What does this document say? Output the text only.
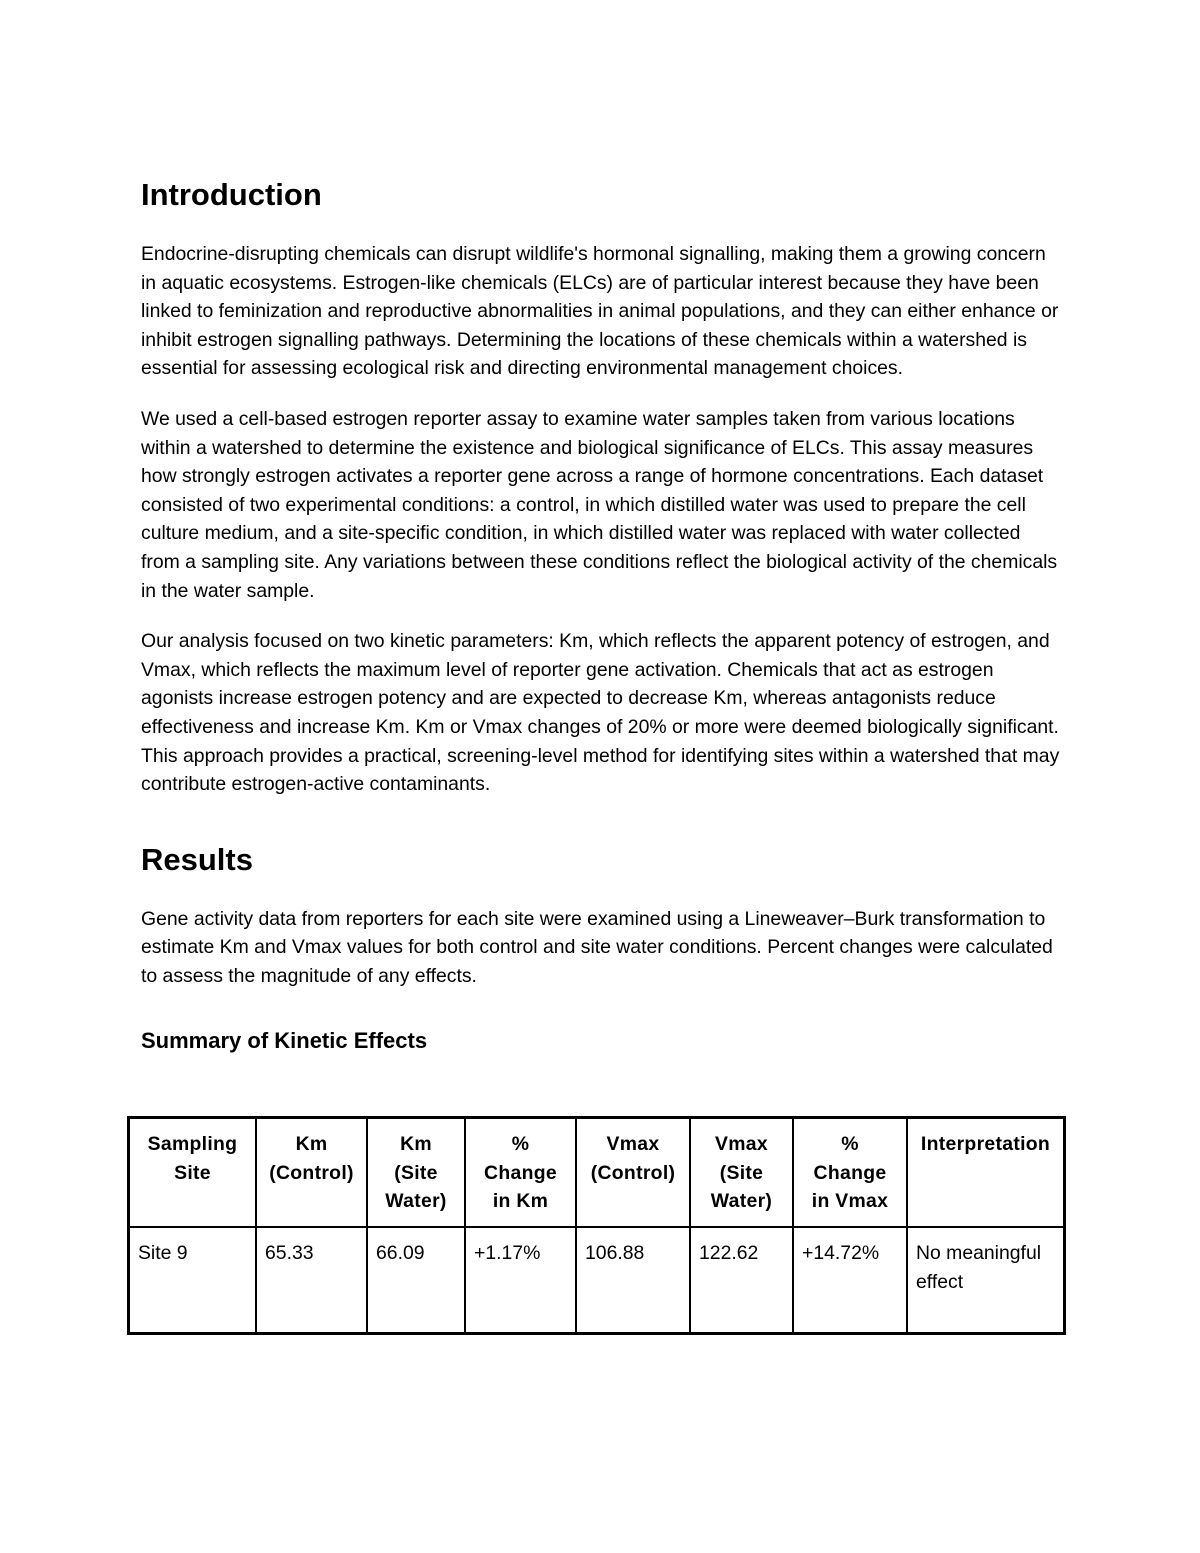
Introduction

Endocrine-disrupting chemicals can disrupt wildlife's hormonal signalling, making them a growing concern in aquatic ecosystems. Estrogen-like chemicals (ELCs) are of particular interest because they have been linked to feminization and reproductive abnormalities in animal populations, and they can either enhance or inhibit estrogen signalling pathways. Determining the locations of these chemicals within a watershed is essential for assessing ecological risk and directing environmental management choices.

We used a cell-based estrogen reporter assay to examine water samples taken from various locations within a watershed to determine the existence and biological significance of ELCs. This assay measures how strongly estrogen activates a reporter gene across a range of hormone concentrations. Each dataset consisted of two experimental conditions: a control, in which distilled water was used to prepare the cell culture medium, and a site-specific condition, in which distilled water was replaced with water collected from a sampling site. Any variations between these conditions reflect the biological activity of the chemicals in the water sample.

Our analysis focused on two kinetic parameters: Km, which reflects the apparent potency of estrogen, and Vmax, which reflects the maximum level of reporter gene activation. Chemicals that act as estrogen agonists increase estrogen potency and are expected to decrease Km, whereas antagonists reduce effectiveness and increase Km. Km or Vmax changes of 20% or more were deemed biologically significant. This approach provides a practical, screening-level method for identifying sites within a watershed that may contribute estrogen-active contaminants.

Results

Gene activity data from reporters for each site were examined using a Lineweaver–Burk transformation to estimate Km and Vmax values for both control and site water conditions. Percent changes were calculated to assess the magnitude of any effects.

Summary of Kinetic Effects
Sampling Site	Km (Control)	Km (Site Water)	% Change in Km	Vmax (Control)	Vmax (Site Water)	% Change in Vmax	Interpretation
Site 9	65.33	66.09	+1.17%	106.88	122.62	+14.72%	No meaningful effect
